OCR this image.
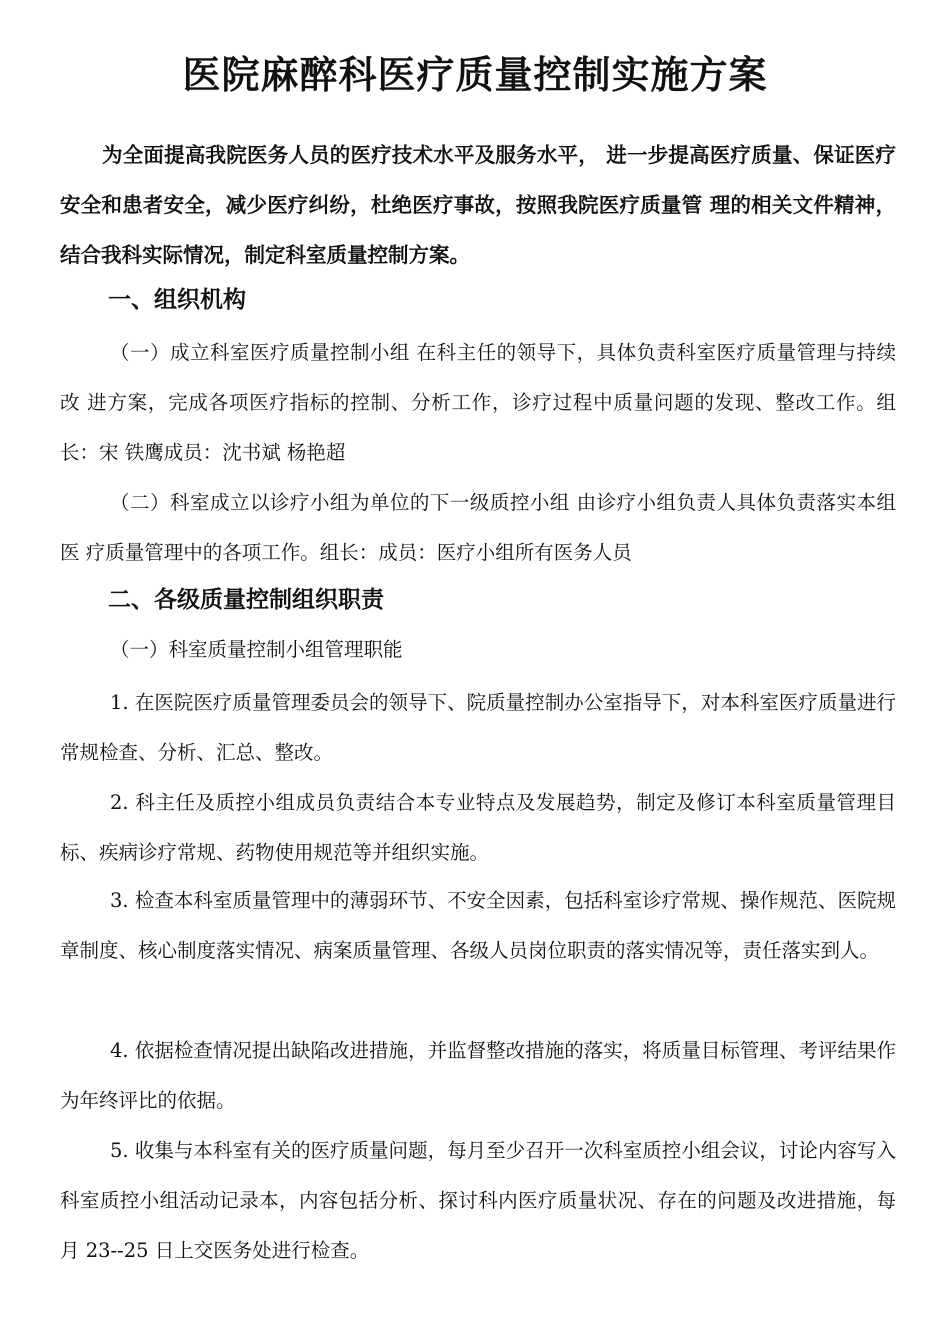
医院麻醉科医疗质量控制实施方案

为全面提高我院医务人员的医疗技术水平及服务水平， 进一步提高医疗质量、保证医疗安全和患者安全，减少医疗纠纷，杜绝医疗事故，按照我院医疗质量管 理的相关文件精神，结合我科实际情况，制定科室质量控制方案。

一、组织机构

（一）成立科室医疗质量控制小组 在科主任的领导下，具体负责科室医疗质量管理与持续改 进方案，完成各项医疗指标的控制、分析工作，诊疗过程中质量问题的发现、整改工作。组长：宋 铁鹰成员：沈书斌 杨艳超

（二）科室成立以诊疗小组为单位的下一级质控小组 由诊疗小组负责人具体负责落实本组医 疗质量管理中的各项工作。组长：成员：医疗小组所有医务人员

二、各级质量控制组织职责

（一）科室质量控制小组管理职能

1. 在医院医疗质量管理委员会的领导下、院质量控制办公室指导下，对本科室医疗质量进行 常规检查、分析、汇总、整改。

2. 科主任及质控小组成员负责结合本专业特点及发展趋势，制定及修订本科室质量管理目 标、疾病诊疗常规、药物使用规范等并组织实施。

3. 检查本科室质量管理中的薄弱环节、不安全因素，包括科室诊疗常规、操作规范、医院规 章制度、核心制度落实情况、病案质量管理、各级人员岗位职责的落实情况等，责任落实到人。

4. 依据检查情况提出缺陷改进措施，并监督整改措施的落实，将质量目标管理、考评结果作 为年终评比的依据。

5. 收集与本科室有关的医疗质量问题，每月至少召开一次科室质控小组会议，讨论内容写入 科室质控小组活动记录本，内容包括分析、探讨科内医疗质量状况、存在的问题及改进措施，每月 23--25 日上交医务处进行检查。
